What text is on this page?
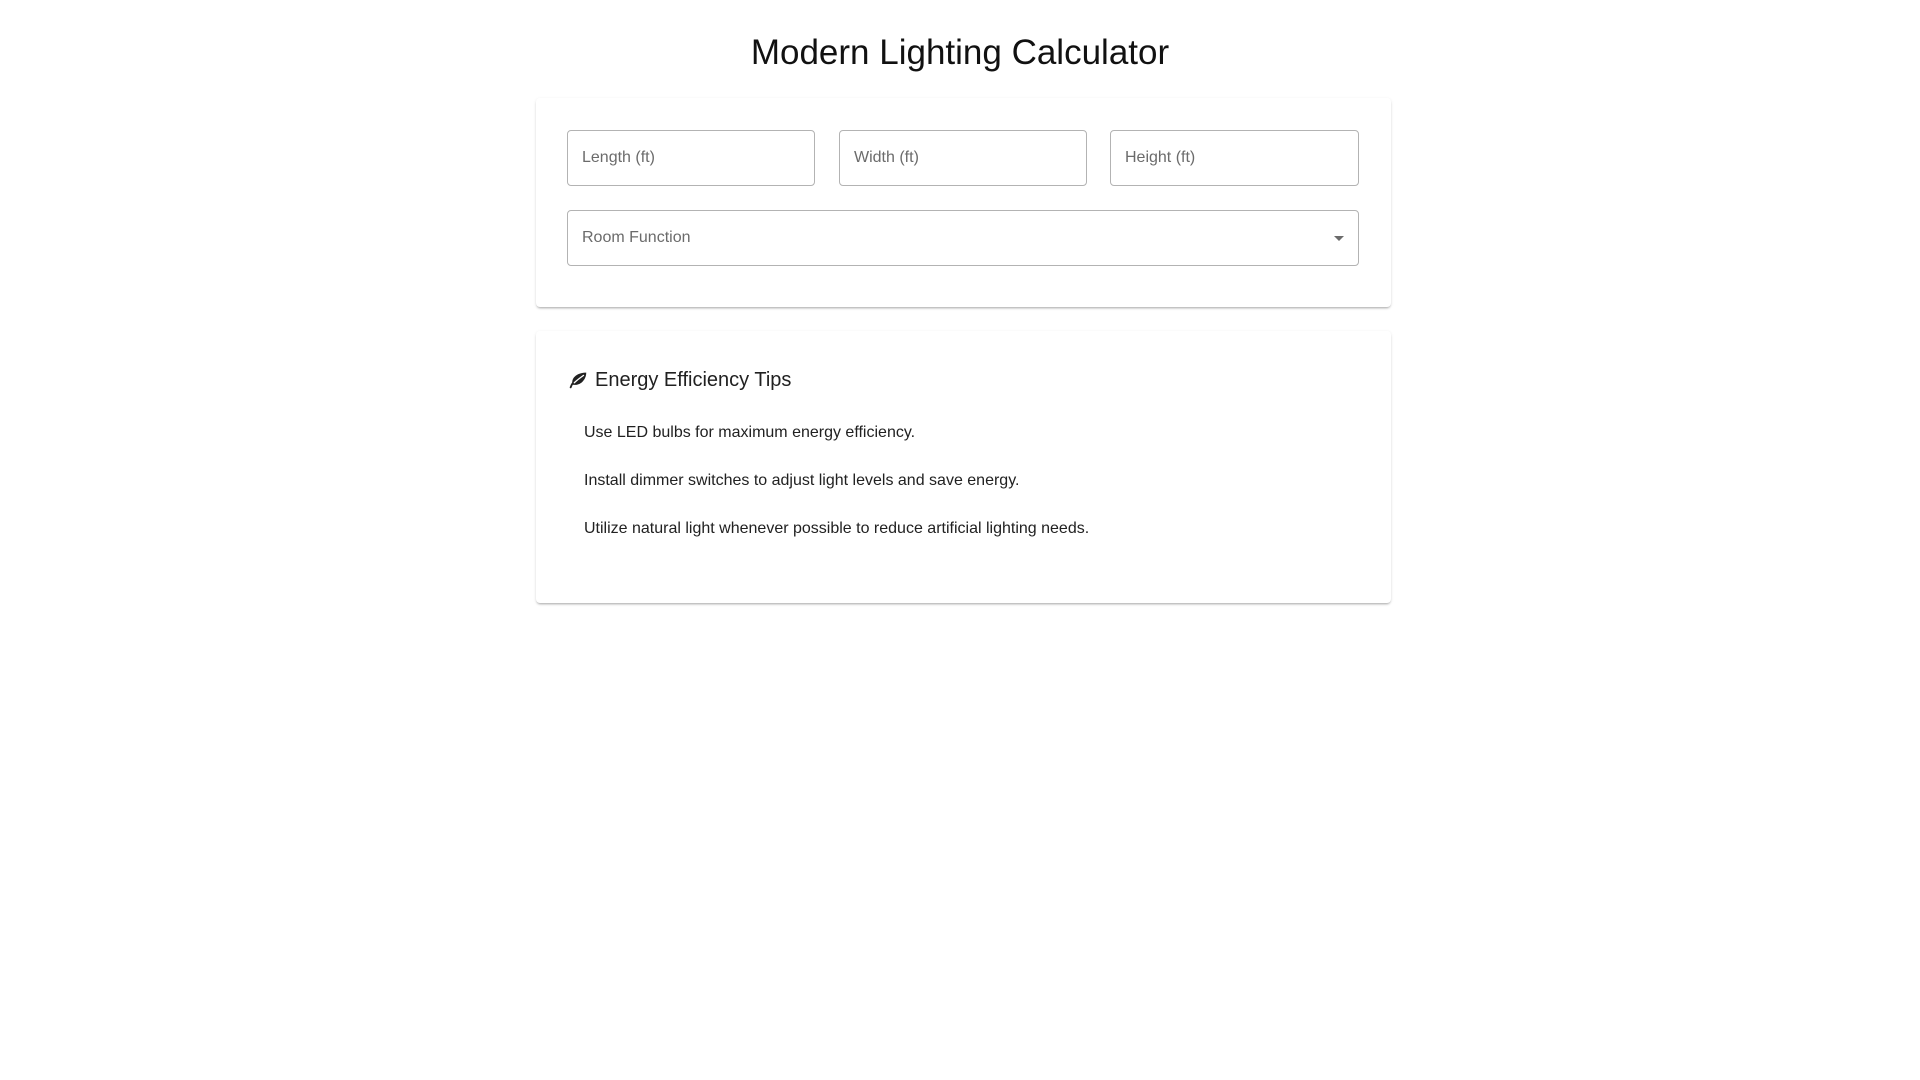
Modern Lighting Calculator
Length (ft)
Width (ft)
Height (ft)
Room Function
Energy Efficiency Tips
Use LED bulbs for maximum energy efficiency.
Install dimmer switches to adjust light levels and save energy.
Utilize natural light whenever possible to reduce artificial lighting needs.
